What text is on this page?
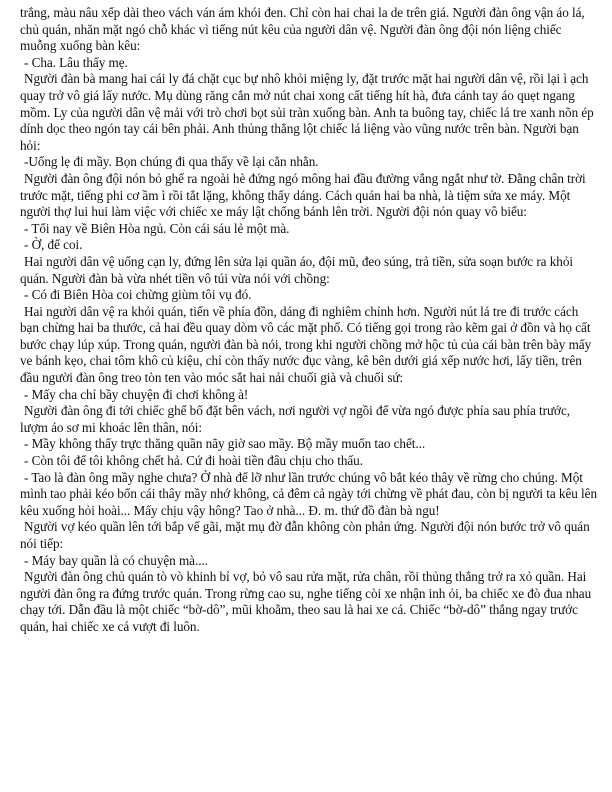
trắng, màu nâu xếp dài theo vách ván ám khói đen. Chỉ còn hai chai la de trên giá. Người đàn ông vận áo lá, chủ quán, nhăn mặt ngó chỗ khác vì tiếng nút kêu của người dân vệ. Người đàn ông đội nón liệng chiếc muỗng xuống bàn kêu:

- Cha. Lâu thấy mẹ.

Người đàn bà mang hai cái ly đá chặt cục bự nhô khỏi miệng ly, đặt trước mặt hai người dân vệ, rồi lại ì ạch quay trở vô giá lấy nước. Mụ dùng răng cắn mở nút chai xong cất tiếng hít hà, đưa cánh tay áo quẹt ngang mồm. Ly của người dân vệ mải với trò chơi bọt sủi tràn xuống bàn. Anh ta buông tay, chiếc lá tre xanh nõn ép dính dọc theo ngón tay cái bên phải. Anh thủng thẳng lột chiếc lá liệng vào vũng nước trên bàn. Người bạn hỏi:

-Uống lẹ đi mầy. Bọn chúng đi qua thấy về lại cằn nhằn.

Người đàn ông đội nón bỏ ghế ra ngoài hè đứng ngó mông hai đầu đường vắng ngắt như tờ. Đằng chân trời trước mặt, tiếng phi cơ ầm ì rồi tắt lặng, không thấy dáng. Cách quán hai ba nhà, là tiệm sửa xe máy. Một người thợ lui hui làm việc với chiếc xe máy lật chổng bánh lên trời. Người đội nón quay vô biểu:

- Tối nay về Biên Hòa ngủ. Còn cái sáu lẻ một mà.

- Ờ, để coi.

Hai người dân vệ uống cạn ly, đứng lên sửa lại quần áo, đội mũ, đeo súng, trả tiền, sửa soạn bước ra khỏi quán. Người đàn bà vừa nhét tiền vô túi vừa nói với chồng:

- Có đi Biên Hòa coi chừng giùm tôi vụ đó.

Hai người dân vệ ra khỏi quán, tiến về phía đồn, dáng đi nghiêm chỉnh hơn. Người nút lá tre đi trước cách bạn chừng hai ba thước, cả hai đều quay dòm vô các mặt phố. Có tiếng gọi trong rào kẽm gai ở đồn và họ cất bước chạy lúp xúp. Trong quán, người đàn bà nói, trong khi người chồng mở hộc tủ của cái bàn trên bày mấy ve bánh kẹo, chai tôm khô củ kiệu, chỉ còn thấy nước đục vàng, kê bên dưới giá xếp nước hơi, lấy tiền, trên đầu người đàn ông treo tòn ten vào móc sắt hai nải chuối già và chuối sứ:

- Mấy cha chỉ bầy chuyện đi chơi không à!

Người đàn ông đi tới chiếc ghế bố đặt bên vách, nơi người vợ ngồi để vừa ngó được phía sau phía trước, lượm áo sơ mi khoác lên thân, nói:

- Mầy không thấy trực thăng quần nãy giờ sao mầy. Bộ mầy muốn tao chết...

- Còn tôi để tôi không chết hả. Cứ đi hoài tiền đâu chịu cho thấu.

- Tao là đàn ông mầy nghe chưa? Ở nhà để lỡ như lần trước chúng vô bắt kéo thây về rừng cho chúng. Một mình tao phải kéo bốn cái thây mầy nhớ không, cả đêm cả ngày tới chừng về phát đau, còn bị người ta kêu lên kêu xuống hỏi hoài... Mấy chịu vậy hông? Tao ở nhà... Đ. m. thứ đồ đàn bà ngu!

Người vợ kéo quần lên tới bắp vế gãi, mặt mụ đờ đẫn không còn phản ứng. Người đội nón bước trở vô quán nói tiếp:

- Máy bay quần là có chuyện mà....

Người đàn ông chủ quán tò vò khinh bỉ vợ, bỏ vô sau rửa mặt, rửa chân, rồi thủng thẳng trở ra xỏ quần. Hai người đàn ông ra đứng trước quán. Trong rừng cao su, nghe tiếng còi xe nhận inh ỏi, ba chiếc xe đò đua nhau chạy tới. Dẫn đầu là một chiếc “bờ-dô”, mũi khoằm, theo sau là hai xe cá. Chiếc “bờ-dô” thắng ngay trước quán, hai chiếc xe cá vượt đi luôn.
